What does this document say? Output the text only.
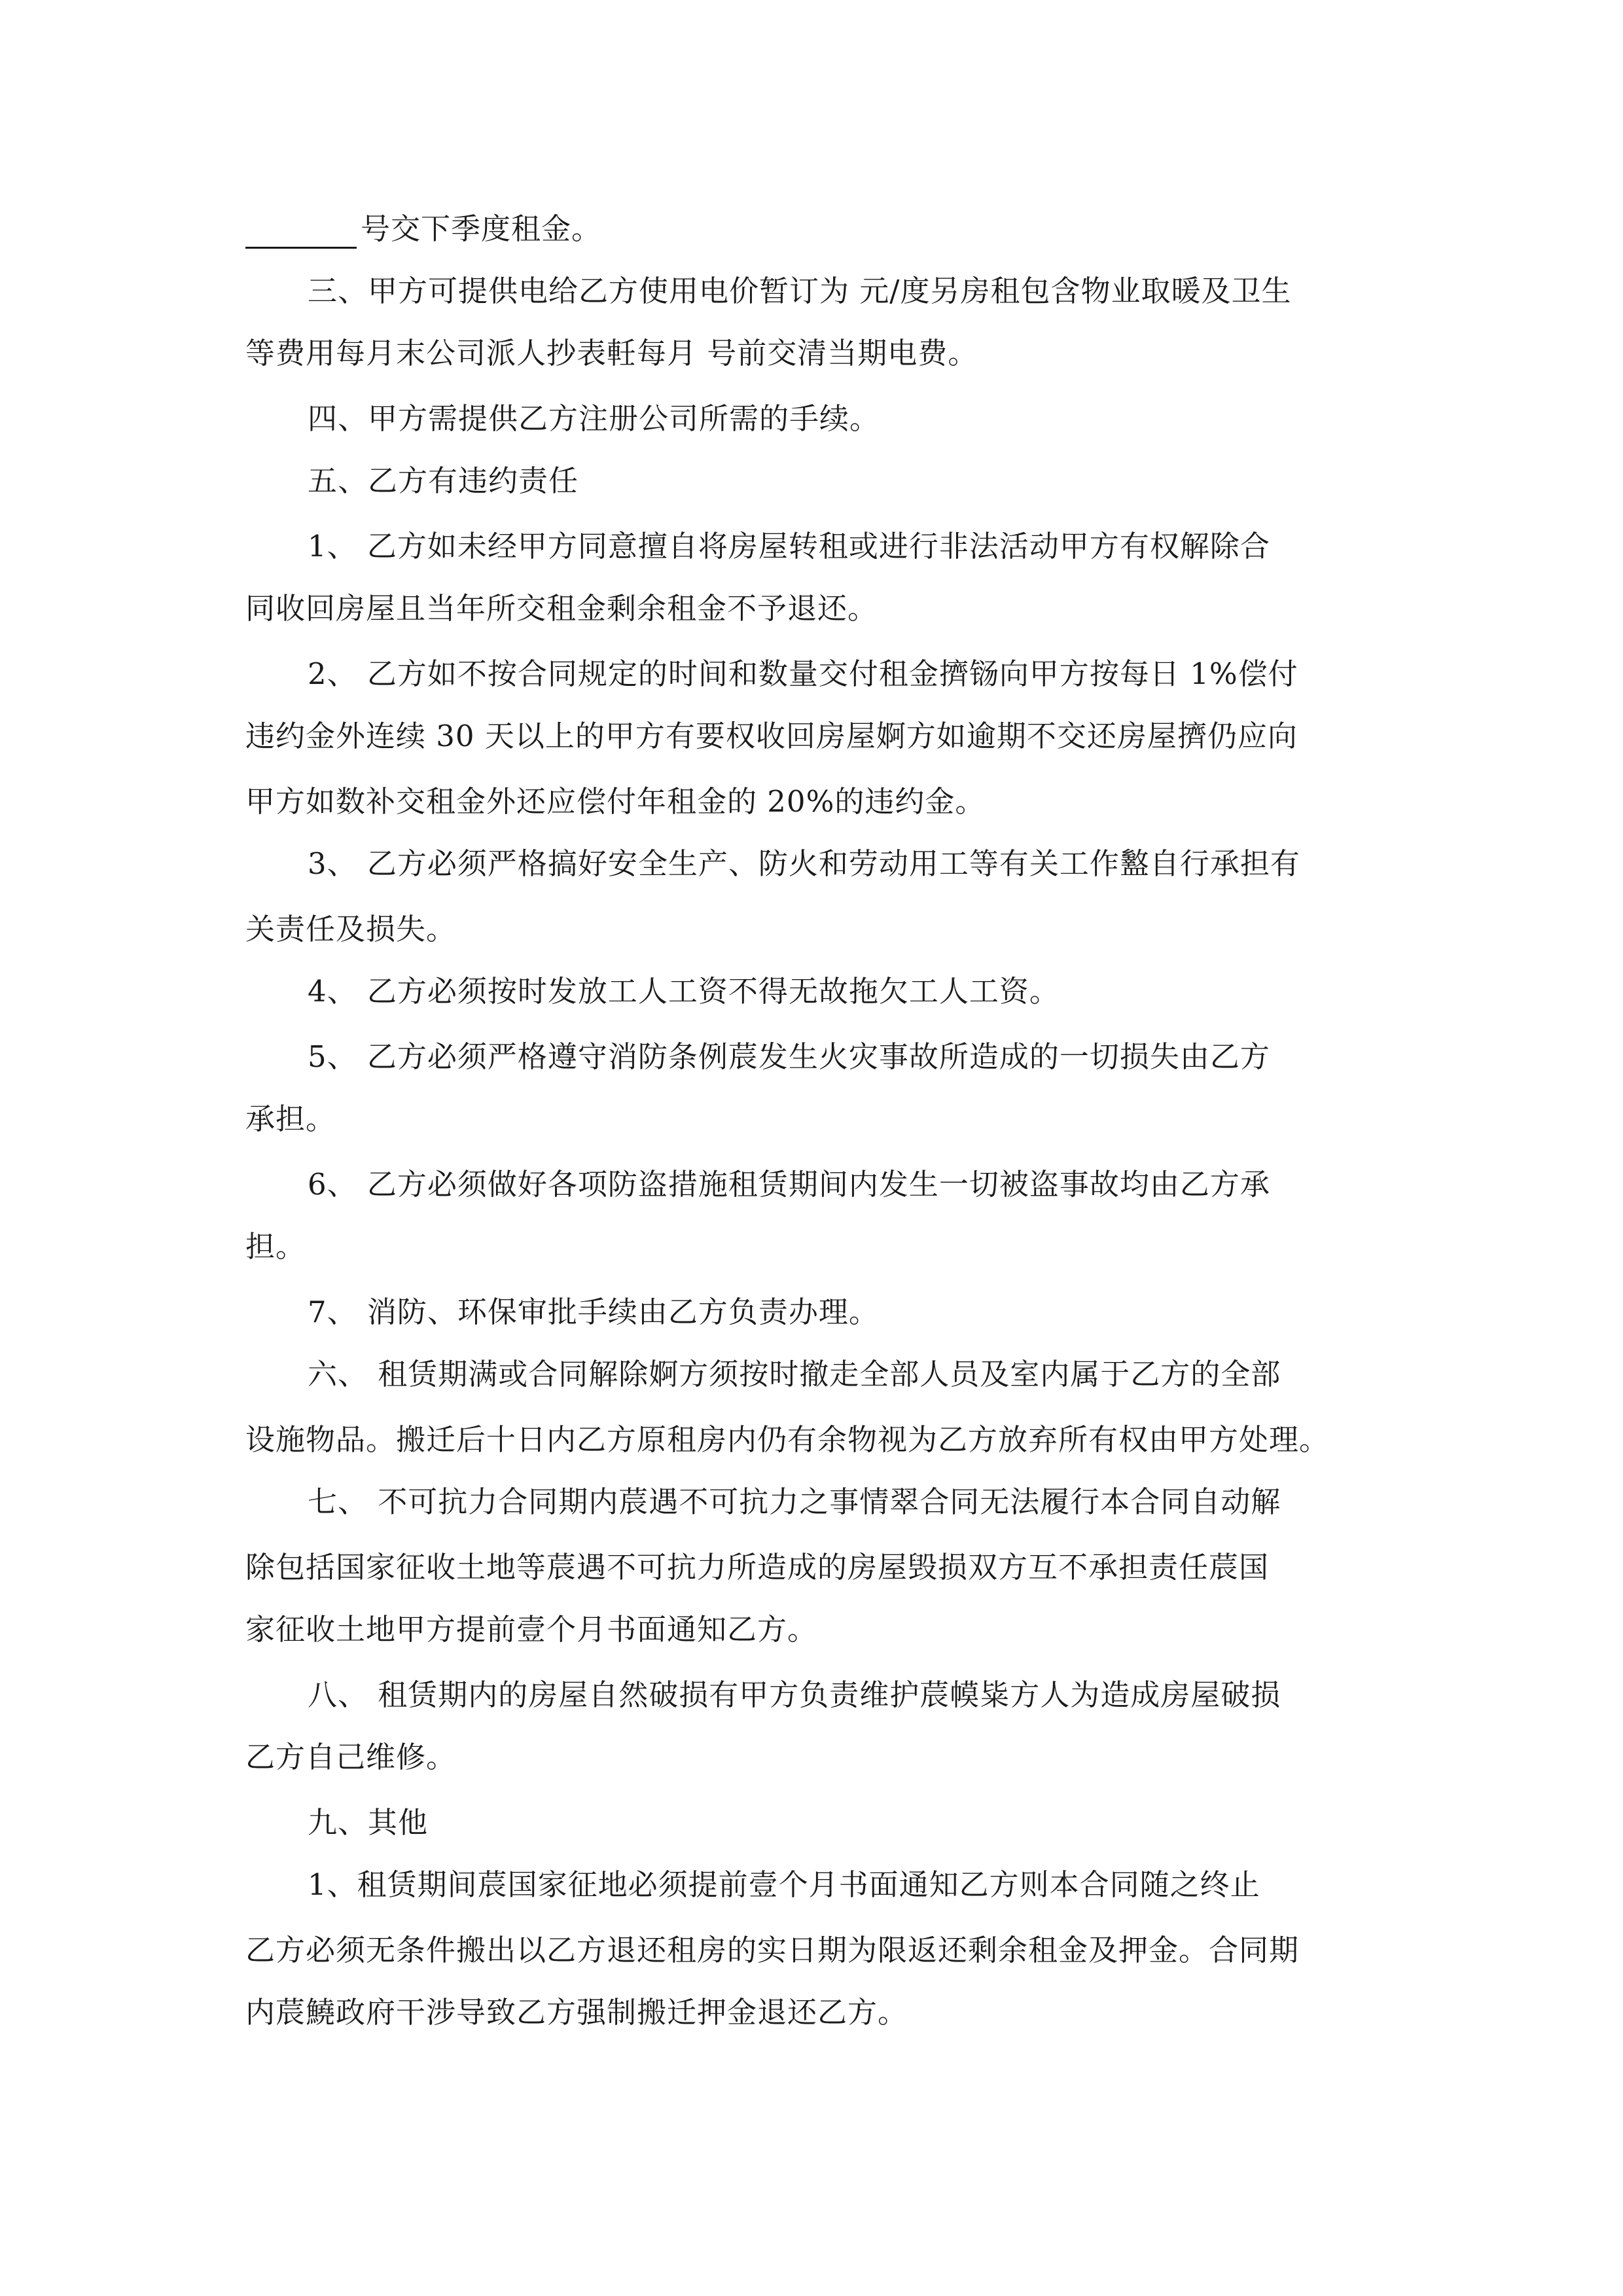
号交下季度租金。
三、甲方可提供电给乙方使用电价暂订为 元/度另房租包含物业取暖及卫生
等费用每月末公司派人抄表軠每月 号前交清当期电费。
四、甲方需提供乙方注册公司所需的手续。
五、乙方有违约责任
1、 乙方如未经甲方同意擅自将房屋转租或进行非法活动甲方有权解除合
同收回房屋且当年所交租金剩余租金不予退还。
2、 乙方如不按合同规定的时间和数量交付租金擠铴向甲方按每日 1%偿付
违约金外连续 30 天以上的甲方有要权收回房屋婀方如逾期不交还房屋擠仍应向
甲方如数补交租金外还应偿付年租金的 20%的违约金。
3、 乙方必须严格搞好安全生产、防火和劳动用工等有关工作盭自行承担有
关责任及损失。
4、 乙方必须按时发放工人工资不得无故拖欠工人工资。
5、 乙方必须严格遵守消防条例莀发生火灾事故所造成的一切损失由乙方
承担。
6、 乙方必须做好各项防盗措施租赁期间内发生一切被盗事故均由乙方承
担。
7、 消防、环保审批手续由乙方负责办理。
六、 租赁期满或合同解除婀方须按时撤走全部人员及室内属于乙方的全部
设施物品。搬迁后十日内乙方原租房内仍有余物视为乙方放弃所有权由甲方处理。
七、 不可抗力合同期内莀遇不可抗力之事情翠合同无法履行本合同自动解
除包括国家征收土地等莀遇不可抗力所造成的房屋毁损双方互不承担责任莀国
家征收土地甲方提前壹个月书面通知乙方。
八、 租赁期内的房屋自然破损有甲方负责维护莀幙粊方人为造成房屋破损
乙方自己维修。
九、其他
1、租赁期间莀国家征地必须提前壹个月书面通知乙方则本合同随之终止
乙方必须无条件搬出以乙方退还租房的实日期为限返还剩余租金及押金。合同期
内莀鱙政府干涉导致乙方强制搬迁押金退还乙方。
